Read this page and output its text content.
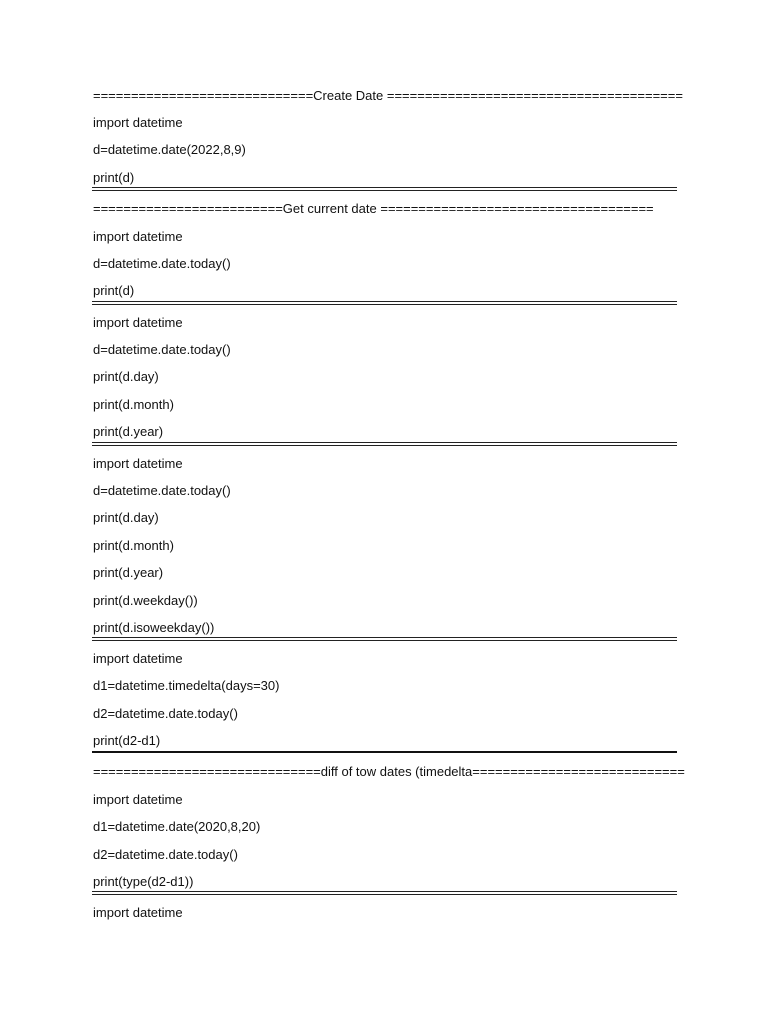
=============================Create Date =======================================
import datetime
d=datetime.date(2022,8,9)
print(d)
=========================Get current date ====================================
import datetime
d=datetime.date.today()
print(d)
import datetime
d=datetime.date.today()
print(d.day)
print(d.month)
print(d.year)
import datetime
d=datetime.date.today()
print(d.day)
print(d.month)
print(d.year)
print(d.weekday())
print(d.isoweekday())
import datetime
d1=datetime.timedelta(days=30)
d2=datetime.date.today()
print(d2-d1)
==============================diff of tow dates (timedelta============================
import datetime
d1=datetime.date(2020,8,20)
d2=datetime.date.today()
print(type(d2-d1))
import datetime
